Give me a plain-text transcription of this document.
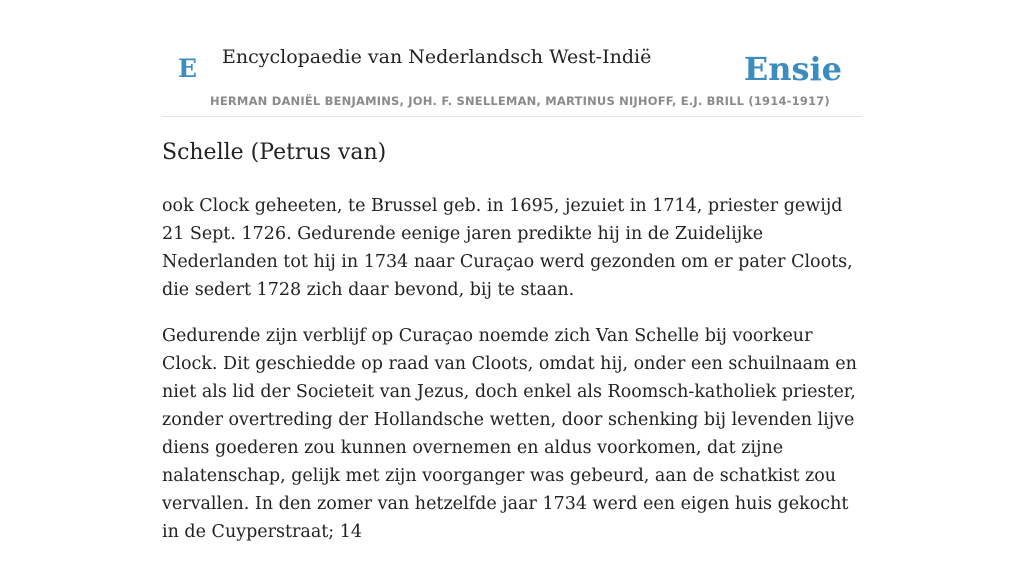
E Encyclopaedie van Nederlandsch West-Indië	Ensie
HERMAN DANIËL BENJAMINS, JOH. F. SNELLEMAN, MARTINUS NIJHOFF, E.J. BRILL (1914-1917)
Schelle (Petrus van)

ook Clock geheeten, te Brussel geb. in 1695, jezuiet in 1714, priester gewijd 21 Sept. 1726. Gedurende eenige jaren predikte hij in de Zuidelijke Nederlanden tot hij in 1734 naar Curaçao werd gezonden om er pater Cloots, die sedert 1728 zich daar bevond, bij te staan.

Gedurende zijn verblijf op Curaçao noemde zich Van Schelle bij voorkeur Clock. Dit geschiedde op raad van Cloots, omdat hij, onder een schuilnaam en niet als lid der Societeit van Jezus, doch enkel als Roomsch-katholiek priester, zonder overtreding der Hollandsche wetten, door schenking bij levenden lijve diens goederen zou kunnen overnemen en aldus voorkomen, dat zijne nalatenschap, gelijk met zijn voorganger was gebeurd, aan de schatkist zou vervallen. In den zomer van hetzelfde jaar 1734 werd een eigen huis gekocht in de Cuyperstraat; 14
